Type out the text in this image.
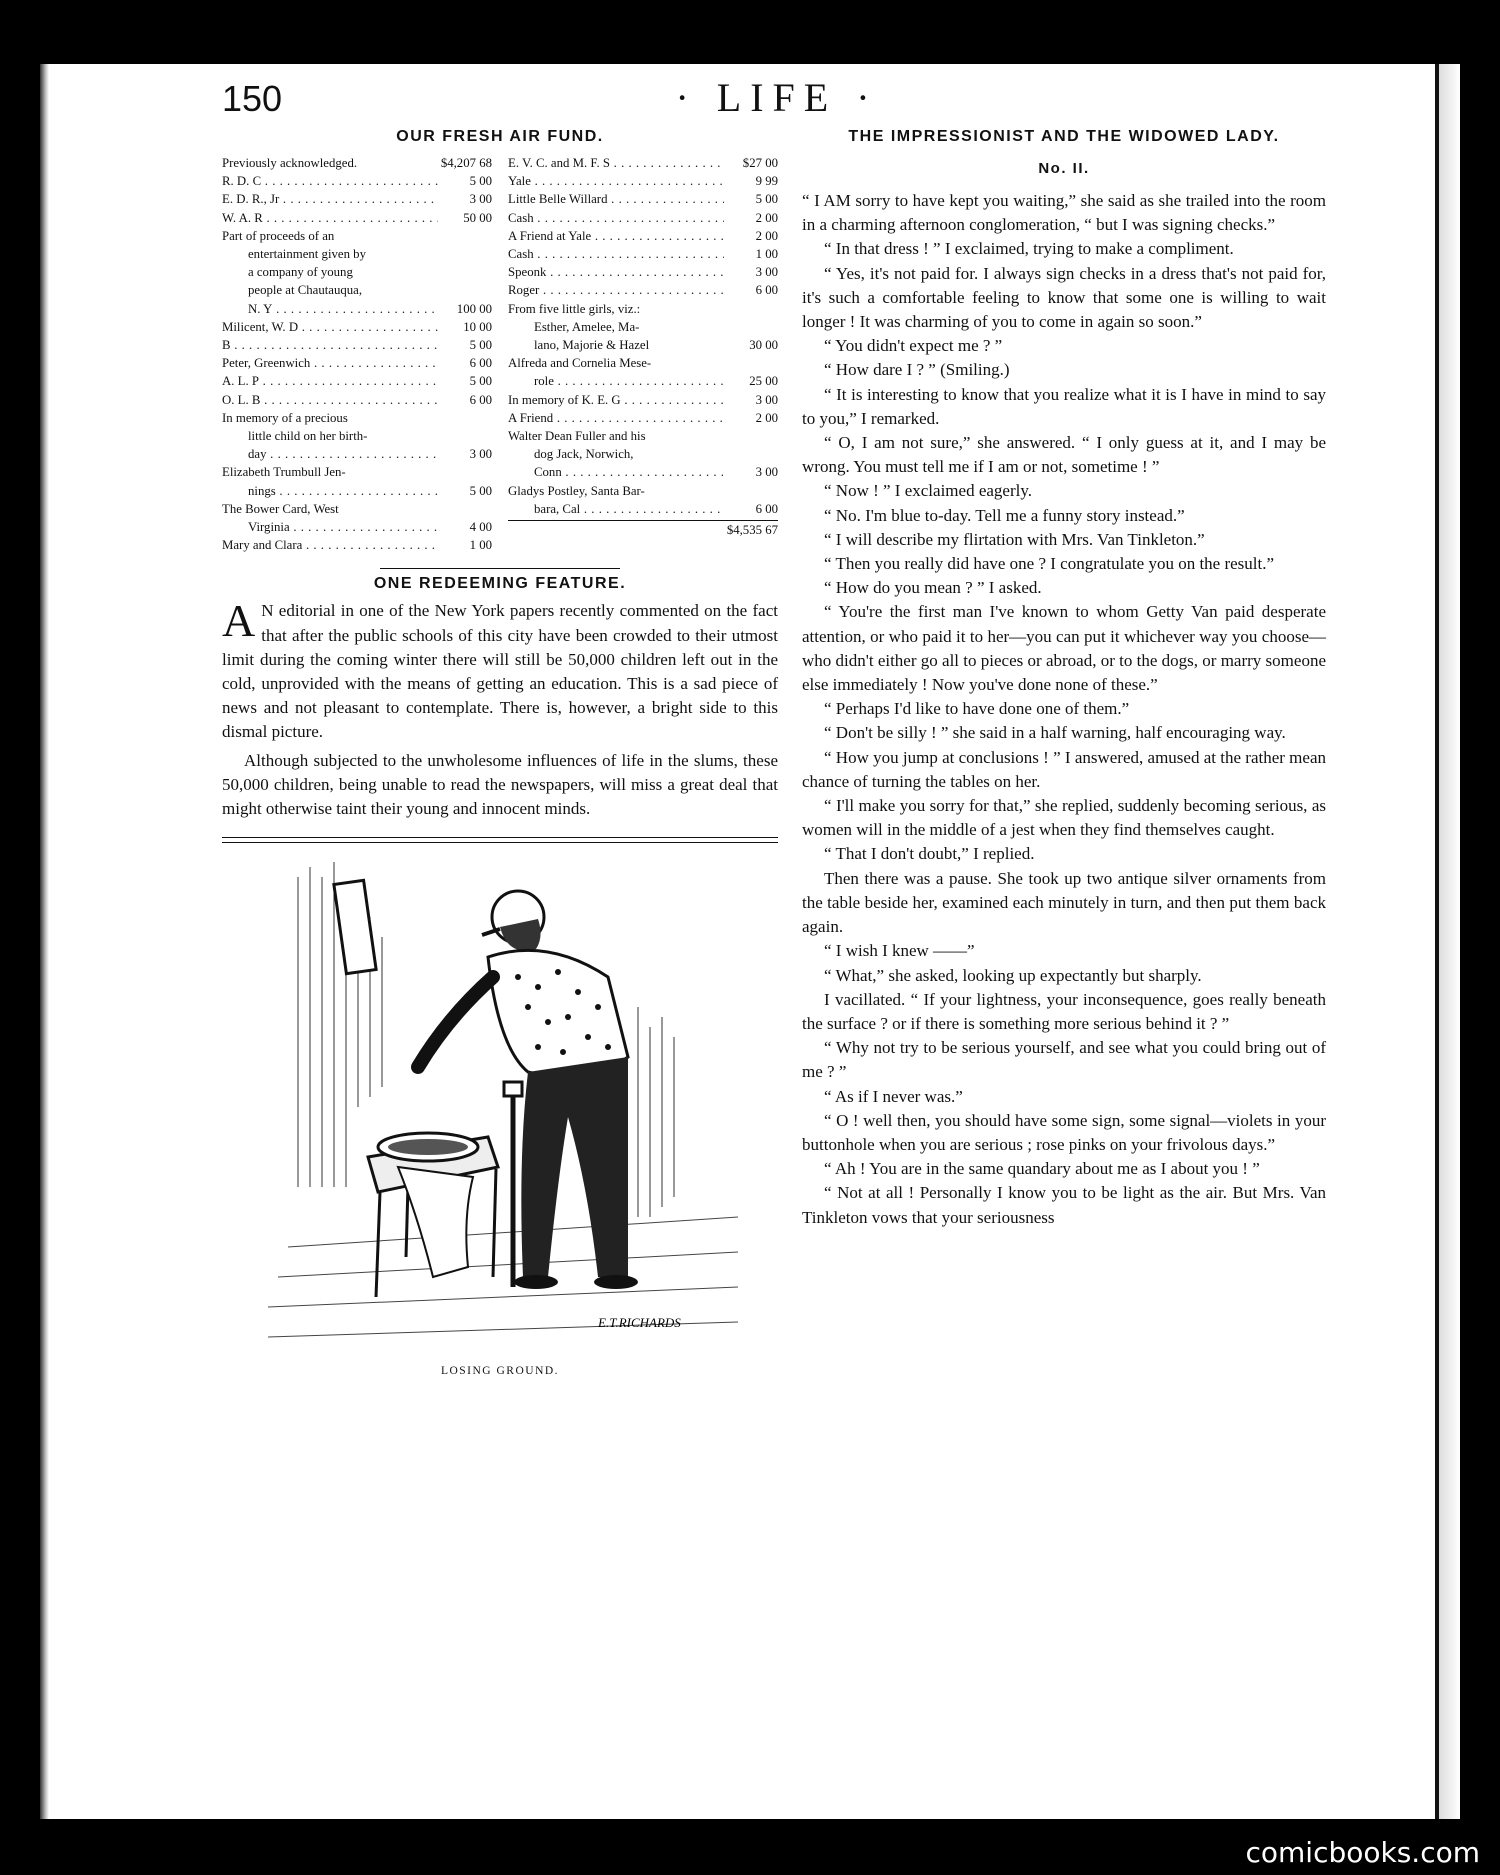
150	· LIFE ·
OUR FRESH AIR FUND.
Previously acknowledged.	$4,207 68
R. D. C . . .	5 00
E. D. R., Jr . . .	3 00
W. A. R . . .	50 00
Part of proceeds of an
entertainment given by
a company of young
people at Chautauqua,
N. Y . . .	100 00
Milicent, W. D . . .	10 00
B . . .	5 00
Peter, Greenwich . . .	6 00
A. L. P . . .	5 00
O. L. B . . .	6 00
In memory of a precious
little child on her birth-
day . . .	3 00
Elizabeth Trumbull Jen-
nings . . .	5 00
The Bower Card, West
Virginia . . .	4 00
Mary and Clara . . .	1 00
E. V. C. and M. F. S . . .	$27 00
Yale . . .	9 99
Little Belle Willard . . .	5 00
Cash . . .	2 00
A Friend at Yale . . .	2 00
Cash . . .	1 00
Speonk . . .	3 00
Roger . . .	6 00
From five little girls, viz.:
Esther, Amelee, Ma-
lano, Majorie & Hazel	30 00
Alfreda and Cornelia Mese-
role . . .	25 00
In memory of K. E. G . . .	3 00
A Friend . . .	2 00
Walter Dean Fuller and his
dog Jack, Norwich,
Conn . . .	3 00
Gladys Postley, Santa Bar-
bara, Cal . . .	6 00
$4,535 67
ONE REDEEMING FEATURE.

A N editorial in one of the New York papers recently commented on the fact that after the public schools of this city have been crowded to their utmost limit during the coming winter there will still be 50,000 children left out in the cold, unprovided with the means of getting an education. This is a sad piece of news and not pleasant to contemplate. There is, however, a bright side to this dismal picture.

Although subjected to the unwholesome influences of life in the slums, these 50,000 children, being unable to read the newspapers, will miss a great deal that might otherwise taint their young and innocent minds.

E.T.RICHARDS
LOSING GROUND.
THE IMPRESSIONIST AND THE WIDOWED LADY.
No. II.

“ I AM sorry to have kept you waiting,” she said as she trailed into the room in a charming afternoon conglomeration, “ but I was signing checks.”

“ In that dress ! ” I exclaimed, trying to make a compliment.

“ Yes, it's not paid for. I always sign checks in a dress that's not paid for, it's such a comfortable feeling to know that some one is willing to wait longer ! It was charming of you to come in again so soon.”

“ You didn't expect me ? ”

“ How dare I ? ” (Smiling.)

“ It is interesting to know that you realize what it is I have in mind to say to you,” I remarked.

“ O, I am not sure,” she answered. “ I only guess at it, and I may be wrong. You must tell me if I am or not, sometime ! ”

“ Now ! ” I exclaimed eagerly.

“ No. I'm blue to-day. Tell me a funny story instead.”

“ I will describe my flirtation with Mrs. Van Tinkleton.”

“ Then you really did have one ? I congratulate you on the result.”

“ How do you mean ? ” I asked.

“ You're the first man I've known to whom Getty Van paid desperate attention, or who paid it to her—you can put it whichever way you choose—who didn't either go all to pieces or abroad, or to the dogs, or marry someone else immediately ! Now you've done none of these.”

“ Perhaps I'd like to have done one of them.”

“ Don't be silly ! ” she said in a half warning, half encouraging way.

“ How you jump at conclusions ! ” I answered, amused at the rather mean chance of turning the tables on her.

“ I'll make you sorry for that,” she replied, suddenly becoming serious, as women will in the middle of a jest when they find themselves caught.

“ That I don't doubt,” I replied.

Then there was a pause. She took up two antique silver ornaments from the table beside her, examined each minutely in turn, and then put them back again.

“ I wish I knew ——”

“ What,” she asked, looking up expectantly but sharply.

I vacillated. “ If your lightness, your inconsequence, goes really beneath the surface ? or if there is something more serious behind it ? ”

“ Why not try to be serious yourself, and see what you could bring out of me ? ”

“ As if I never was.”

“ O ! well then, you should have some sign, some signal—violets in your buttonhole when you are serious ; rose pinks on your frivolous days.”

“ Ah ! You are in the same quandary about me as I about you ! ”

“ Not at all ! Personally I know you to be light as the air. But Mrs. Van Tinkleton vows that your seriousness

comicbooks.com
